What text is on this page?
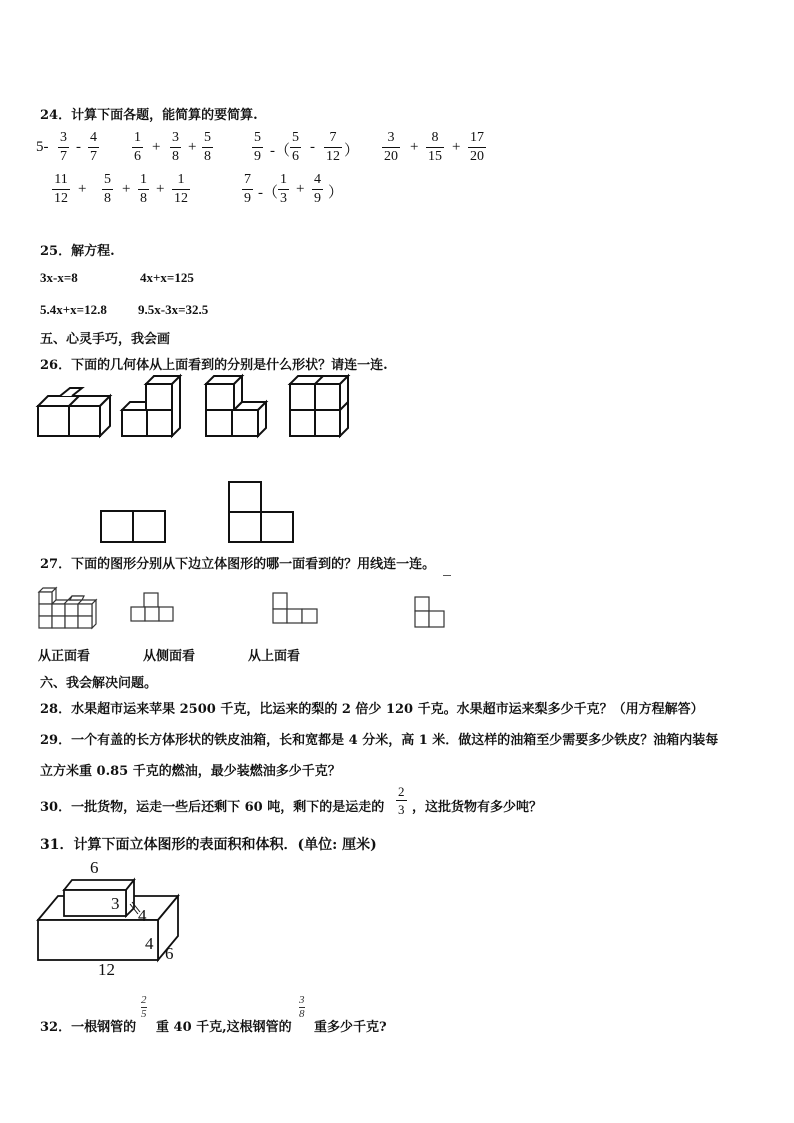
24．计算下面各题，能简算的要简算.
5-
3
7
-
4
7
1
6
+
3
8
+
5
8
5
9 -（
5
6
-
7
12 ）
3
20
+
8
15
+
17
20
11
12
+
5
8
+
1
8
+
1
12
7
9 -（
1
3
+
4
9 ）
25．解方程.
3x-x=8	4x+x=125
5.4x+x=12.8 9.5x-3x=32.5
五、心灵手巧，我会画
26．下面的几何体从上面看到的分别是什么形状？请连一连.
27．下面的图形分别从下边立体图形的哪一面看到的？用线连一连。
从正面看	从侧面看	从上面看
六、我会解决问题。
28．水果超市运来苹果 2500 千克，比运来的梨的 2 倍少 120 千克。水果超市运来梨多少千克？（用方程解答）
29．一个有盖的长方体形状的铁皮油箱，长和宽都是 4 分米，高 1 米．做这样的油箱至少需要多少铁皮？油箱内装每
立方米重 0.85 千克的燃油，最少装燃油多少千克？
30．一批货物，运走一些后还剩下 60 吨，剩下的是运走的
2
3 ，这批货物有多少吨？
31．计算下面立体图形的表面积和体积．(单位: 厘米)
6
3
4
4
6
12
32．一根钢管的
2
5
重 40 千克,这根钢管的
3
8
重多少千克?
